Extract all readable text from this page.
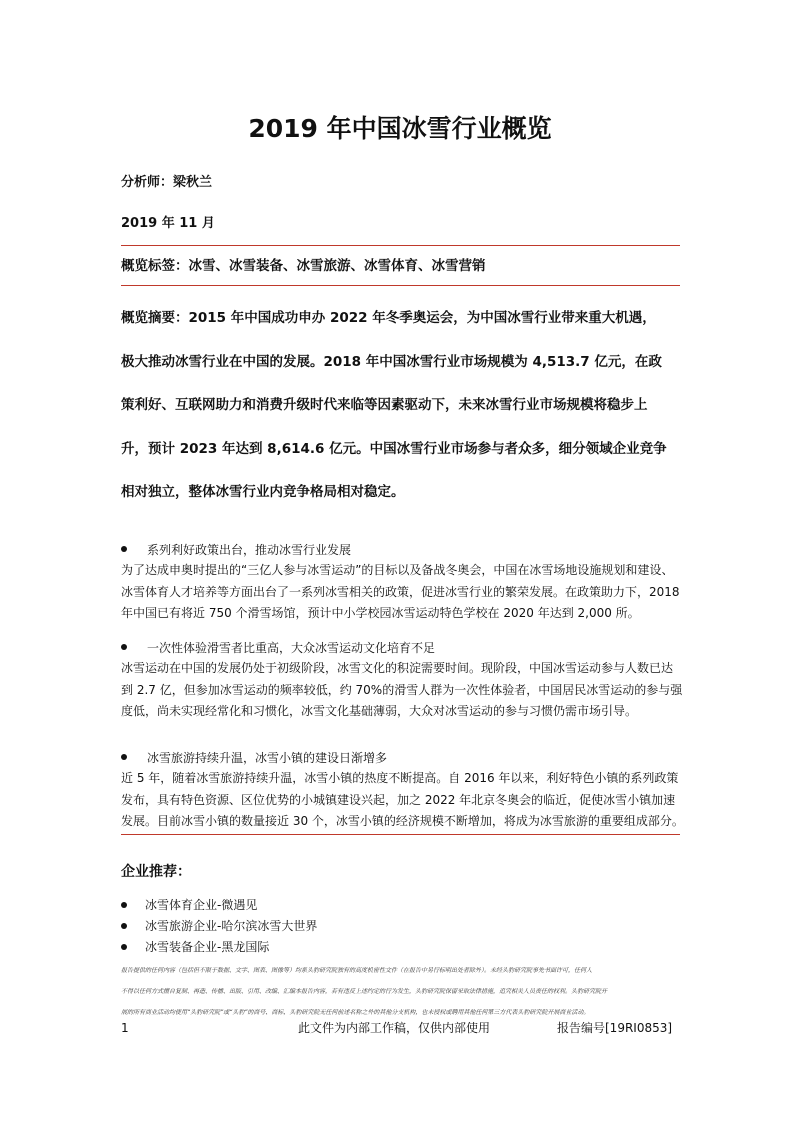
2019 年中国冰雪行业概览
分析师：梁秋兰
2019 年 11 月
概览标签：冰雪、冰雪装备、冰雪旅游、冰雪体育、冰雪营销
概览摘要：2015 年中国成功申办 2022 年冬季奥运会，为中国冰雪行业带来重大机遇，
极大推动冰雪行业在中国的发展。2018 年中国冰雪行业市场规模为 4,513.7 亿元，在政
策利好、互联网助力和消费升级时代来临等因素驱动下，未来冰雪行业市场规模将稳步上
升，预计 2023 年达到 8,614.6 亿元。中国冰雪行业市场参与者众多，细分领域企业竞争
相对独立，整体冰雪行业内竞争格局相对稳定。
系列利好政策出台，推动冰雪行业发展
为了达成申奥时提出的“三亿人参与冰雪运动”的目标以及备战冬奥会，中国在冰雪场地设施规划和建设、
冰雪体育人才培养等方面出台了一系列冰雪相关的政策，促进冰雪行业的繁荣发展。在政策助力下，2018
年中国已有将近 750 个滑雪场馆，预计中小学校园冰雪运动特色学校在 2020 年达到 2,000 所。
一次性体验滑雪者比重高，大众冰雪运动文化培育不足
冰雪运动在中国的发展仍处于初级阶段，冰雪文化的积淀需要时间。现阶段，中国冰雪运动参与人数已达
到 2.7 亿，但参加冰雪运动的频率较低，约 70%的滑雪人群为一次性体验者，中国居民冰雪运动的参与强
度低，尚未实现经常化和习惯化，冰雪文化基础薄弱，大众对冰雪运动的参与习惯仍需市场引导。
冰雪旅游持续升温，冰雪小镇的建设日渐增多
近 5 年，随着冰雪旅游持续升温，冰雪小镇的热度不断提高。自 2016 年以来，利好特色小镇的系列政策
发布，具有特色资源、区位优势的小城镇建设兴起，加之 2022 年北京冬奥会的临近，促使冰雪小镇加速
发展。目前冰雪小镇的数量接近 30 个，冰雪小镇的经济规模不断增加，将成为冰雪旅游的重要组成部分。
企业推荐：
冰雪体育企业-微遇见
冰雪旅游企业-哈尔滨冰雪大世界
冰雪装备企业-黑龙国际
报告提供的任何内容（包括但不限于数据、文字、图表、图像等）均系头豹研究院独有的高度机密性文件（在报告中另行标明出处者除外）。未经头豹研究院事先书面许可，任何人
不得以任何方式擅自复制、再造、传播、出版、引用、改编、汇编本报告内容，若有违反上述约定的行为发生，头豹研究院保留采取法律措施，追究相关人员责任的权利。头豹研究院开
展的所有商业活动均使用“头豹研究院”或“头豹”的商号、商标，头豹研究院无任何前述名称之外的其他分支机构，也未授权或聘用其他任何第三方代表头豹研究院开展商业活动。
1	此文件为内部工作稿，仅供内部使用	报告编号[19RI0853]
